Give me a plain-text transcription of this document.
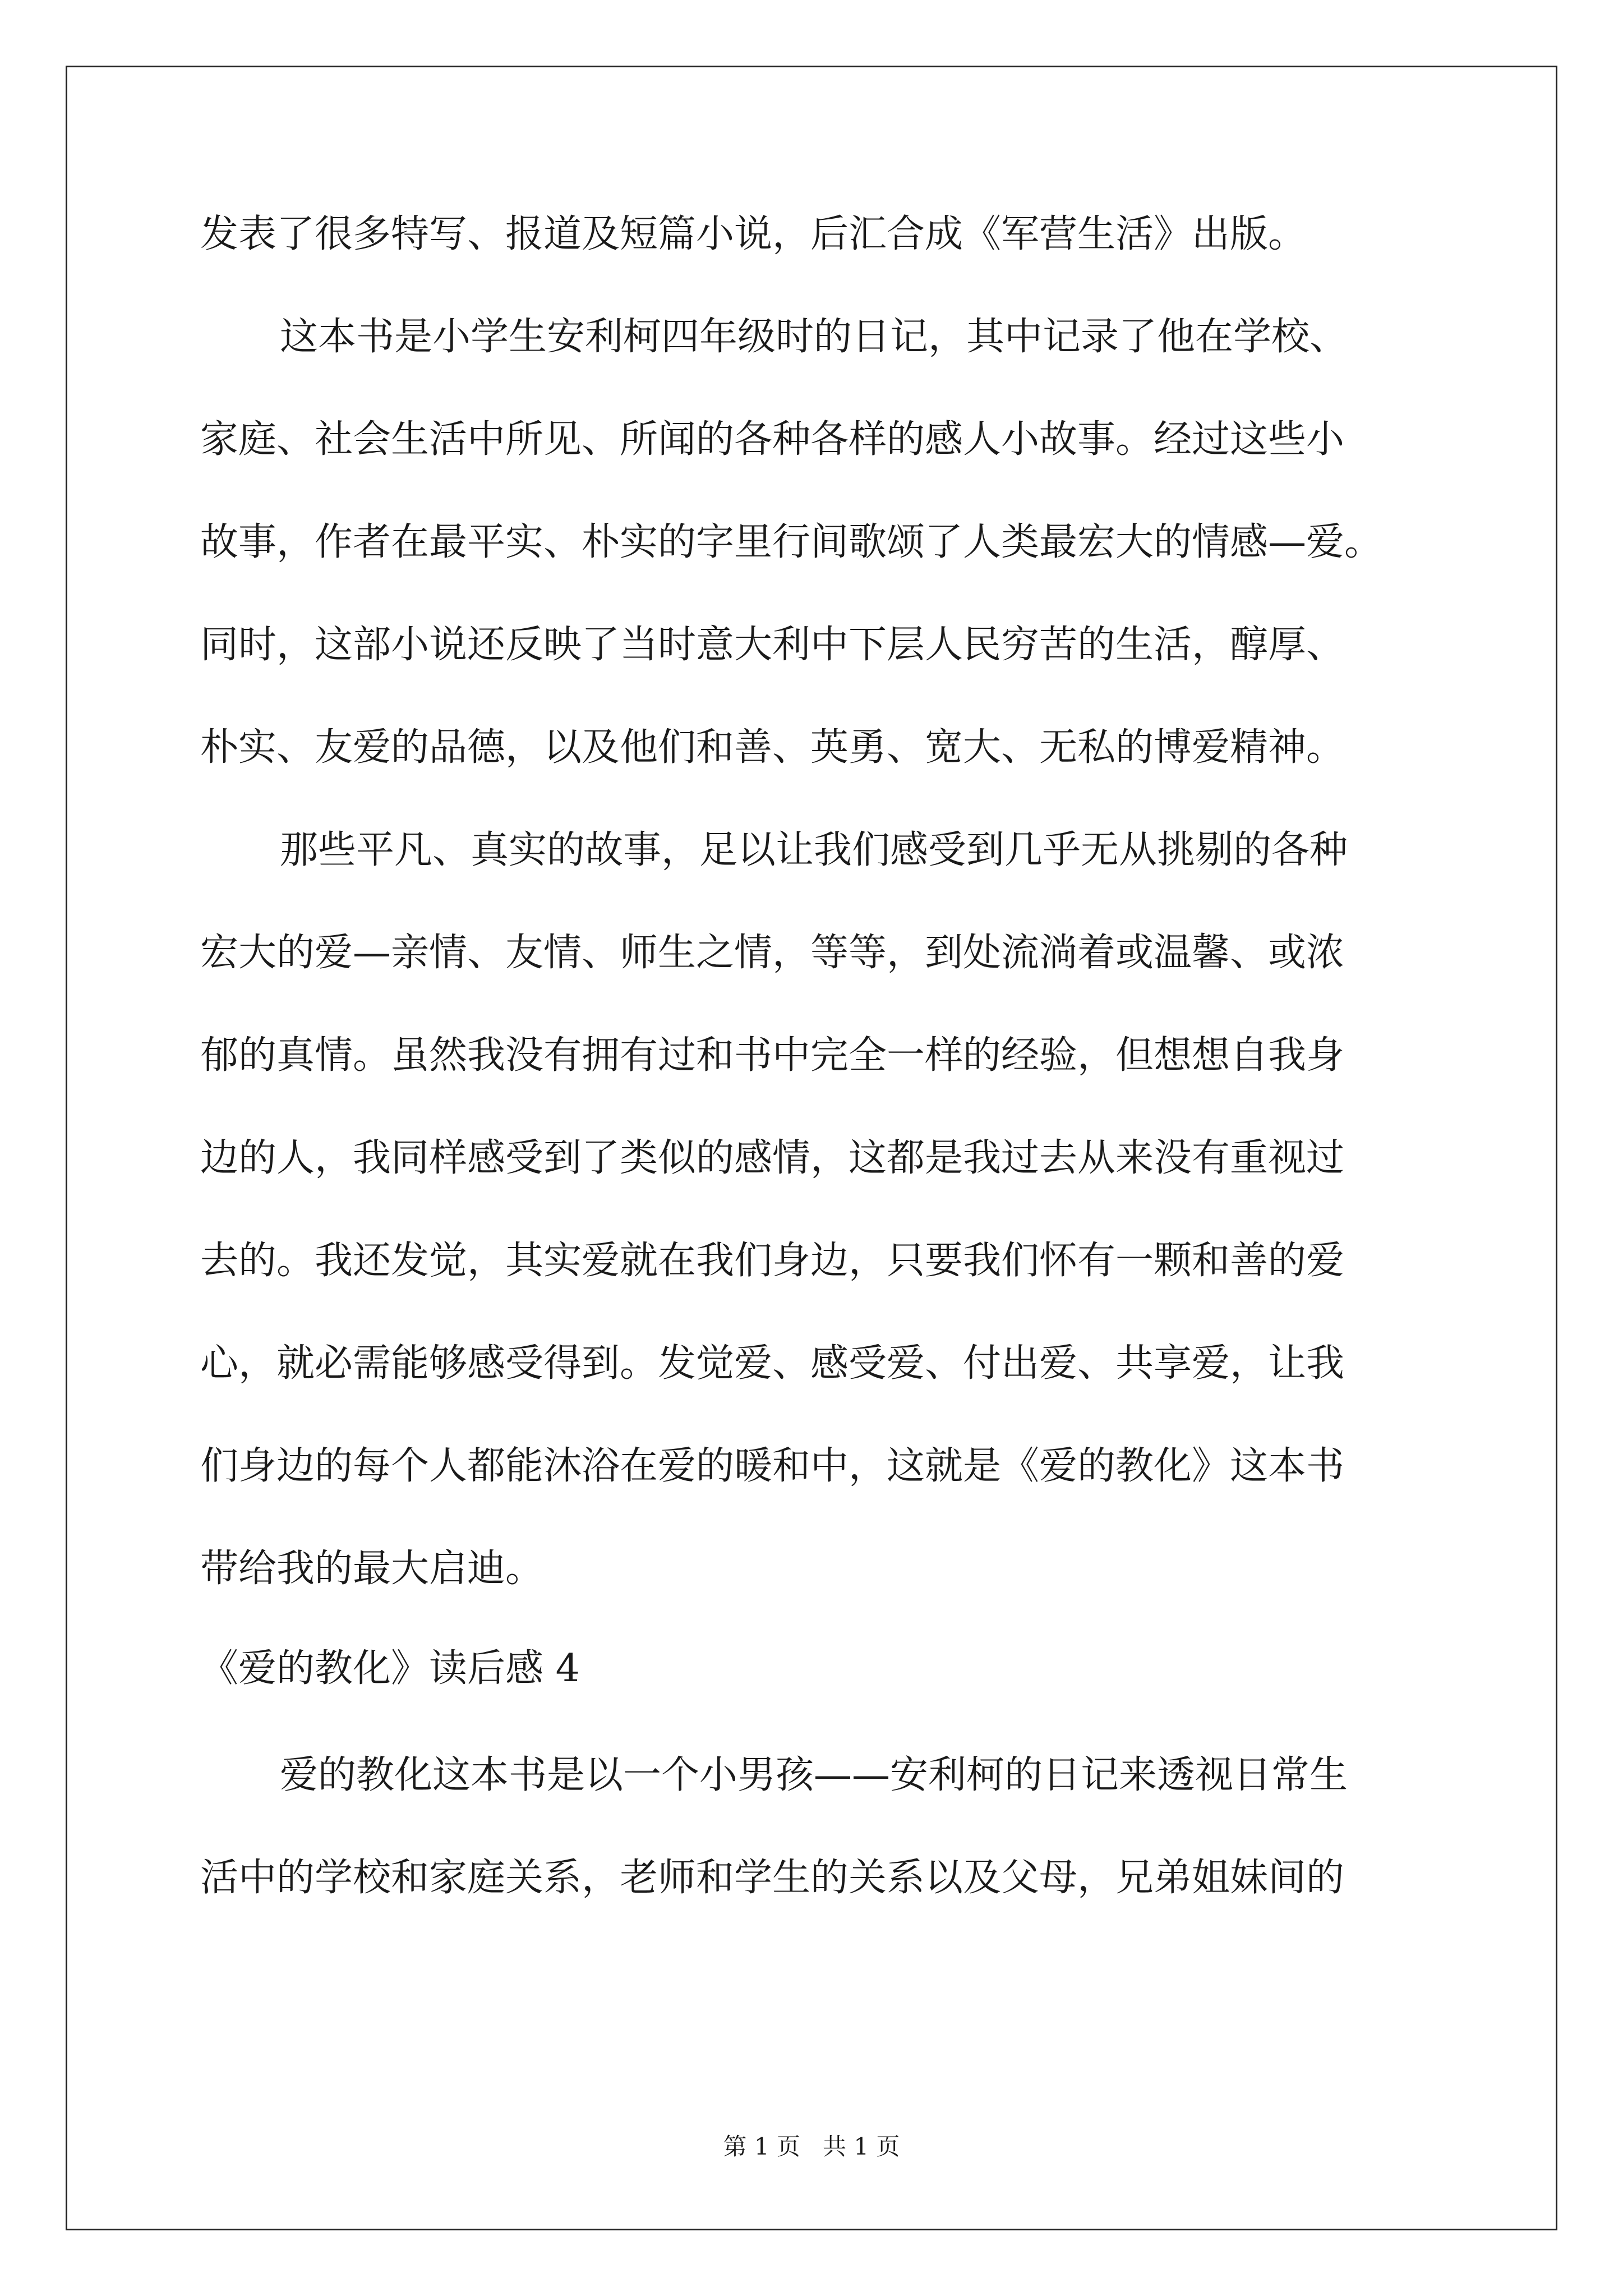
发表了很多特写、报道及短篇小说，后汇合成《军营生活》出版。
这本书是小学生安利柯四年级时的日记，其中记录了他在学校、
家庭、社会生活中所见、所闻的各种各样的感人小故事。经过这些小
故事，作者在最平实、朴实的字里行间歌颂了人类最宏大的情感—爱。
同时，这部小说还反映了当时意大利中下层人民穷苦的生活，醇厚、
朴实、友爱的品德，以及他们和善、英勇、宽大、无私的博爱精神。
那些平凡、真实的故事，足以让我们感受到几乎无从挑剔的各种
宏大的爱—亲情、友情、师生之情，等等，到处流淌着或温馨、或浓
郁的真情。虽然我没有拥有过和书中完全一样的经验，但想想自我身
边的人，我同样感受到了类似的感情，这都是我过去从来没有重视过
去的。我还发觉，其实爱就在我们身边，只要我们怀有一颗和善的爱
心，就必需能够感受得到。发觉爱、感受爱、付出爱、共享爱，让我
们身边的每个人都能沐浴在爱的暖和中，这就是《爱的教化》这本书
带给我的最大启迪。
《爱的教化》读后感 4
爱的教化这本书是以一个小男孩——安利柯的日记来透视日常生
活中的学校和家庭关系，老师和学生的关系以及父母，兄弟姐妹间的
第 1 页   共 1 页
